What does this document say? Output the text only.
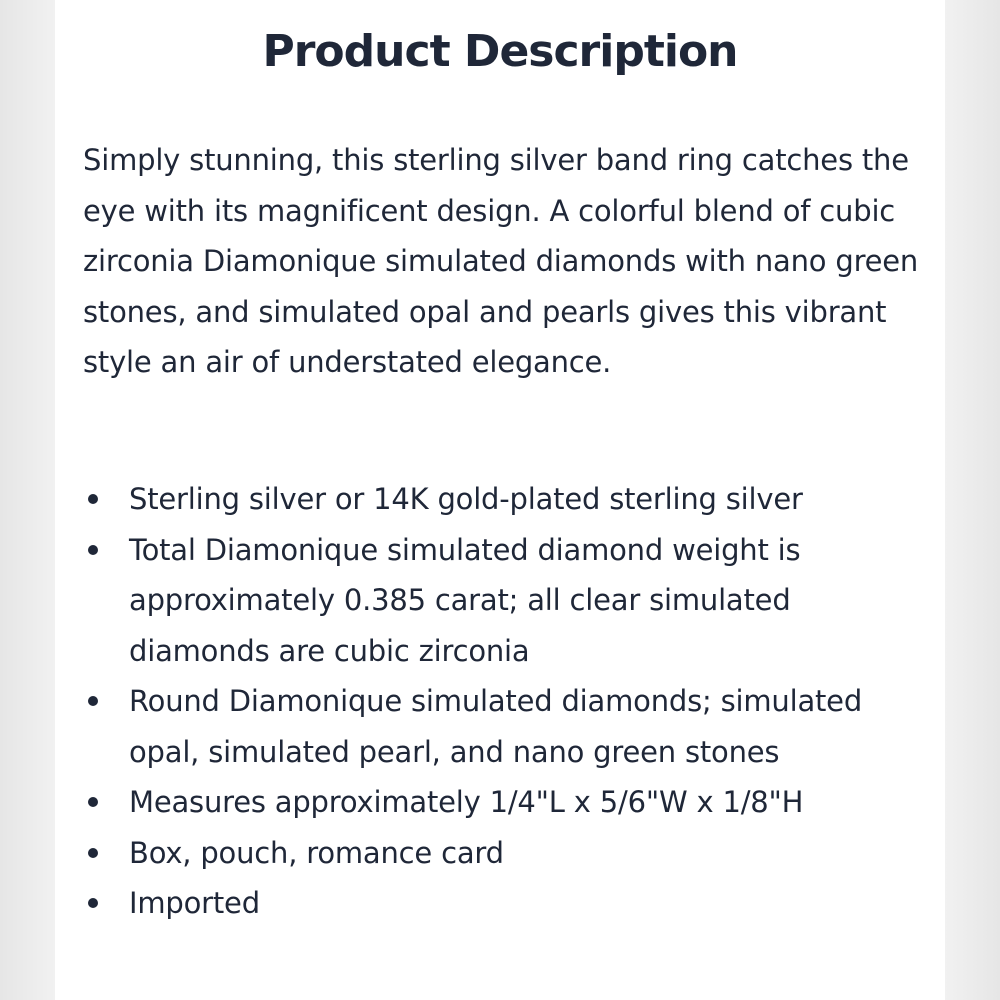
Product Description

Simply stunning, this sterling silver band ring catches the eye with its magnificent design. A colorful blend of cubic zirconia Diamonique simulated diamonds with nano green stones, and simulated opal and pearls gives this vibrant style an air of understated elegance.

Sterling silver or 14K gold-plated sterling silver
Total Diamonique simulated diamond weight is approximately 0.385 carat; all clear simulated diamonds are cubic zirconia
Round Diamonique simulated diamonds; simulated opal, simulated pearl, and nano green stones
Measures approximately 1/4"L x 5/6"W x 1/8"H
Box, pouch, romance card
Imported
